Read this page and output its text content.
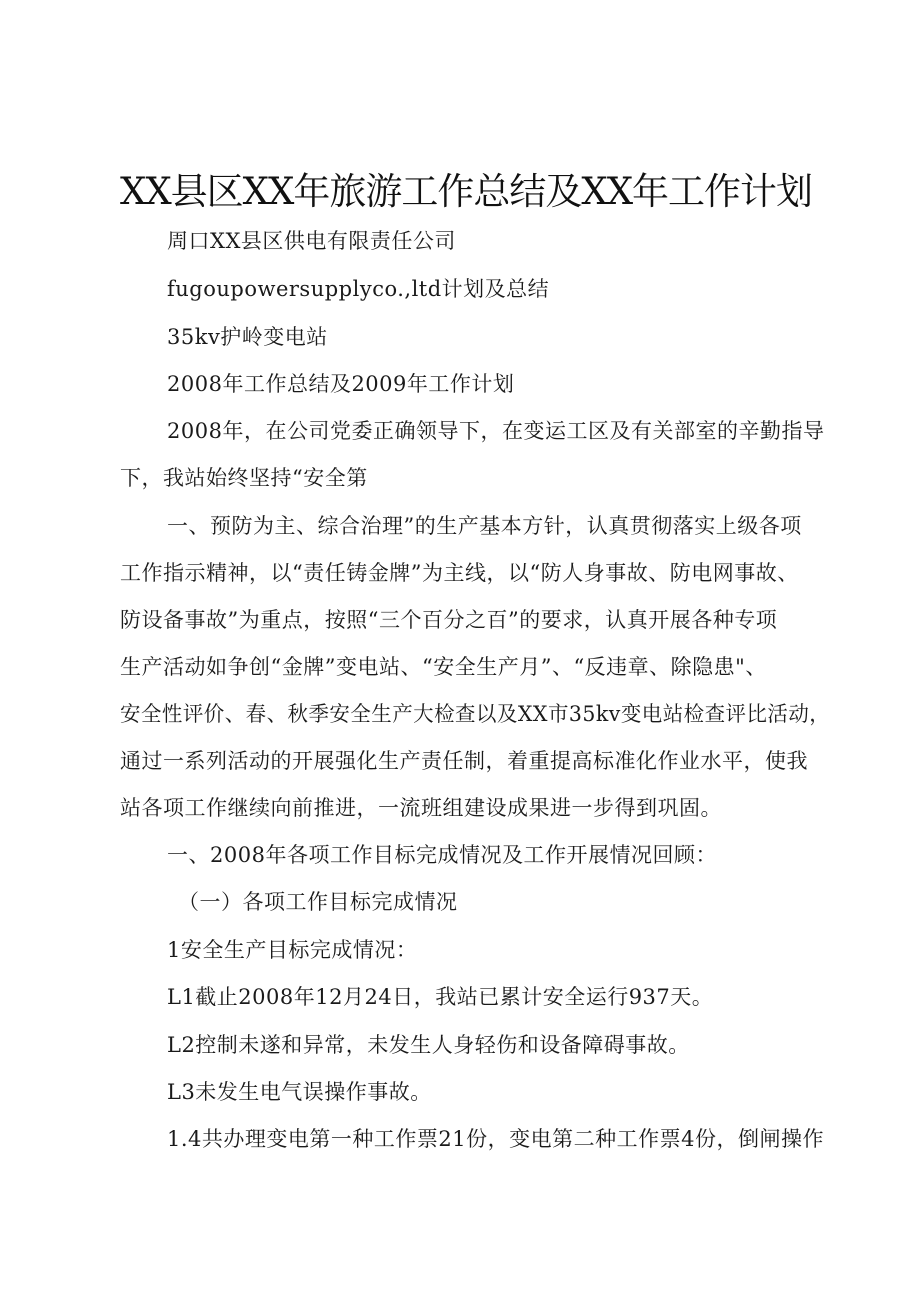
XX县区XX年旅游工作总结及XX年工作计划

周口XX县区供电有限责任公司

fugoupowersupplyco.,ltd计划及总结

35kv护岭变电站

2008年工作总结及2009年工作计划

2008年，在公司党委正确领导下，在变运工区及有关部室的辛勤指导

下，我站始终坚持“安全第

一、预防为主、综合治理”的生产基本方针，认真贯彻落实上级各项

工作指示精神，以“责任铸金牌”为主线，以“防人身事故、防电网事故、

防设备事故”为重点，按照“三个百分之百”的要求，认真开展各种专项

生产活动如争创“金牌”变电站、“安全生产月”、“反违章、除隐患"、

安全性评价、春、秋季安全生产大检查以及XX市35kv变电站检查评比活动，

通过一系列活动的开展强化生产责任制，着重提高标准化作业水平，使我

站各项工作继续向前推进，一流班组建设成果进一步得到巩固。

一、2008年各项工作目标完成情况及工作开展情况回顾：

（一）各项工作目标完成情况

1安全生产目标完成情况：

L1截止2008年12月24日，我站已累计安全运行937天。

L2控制未遂和异常，未发生人身轻伤和设备障碍事故。

L3未发生电气误操作事故。

1.4共办理变电第一种工作票21份，变电第二种工作票4份，倒闸操作
